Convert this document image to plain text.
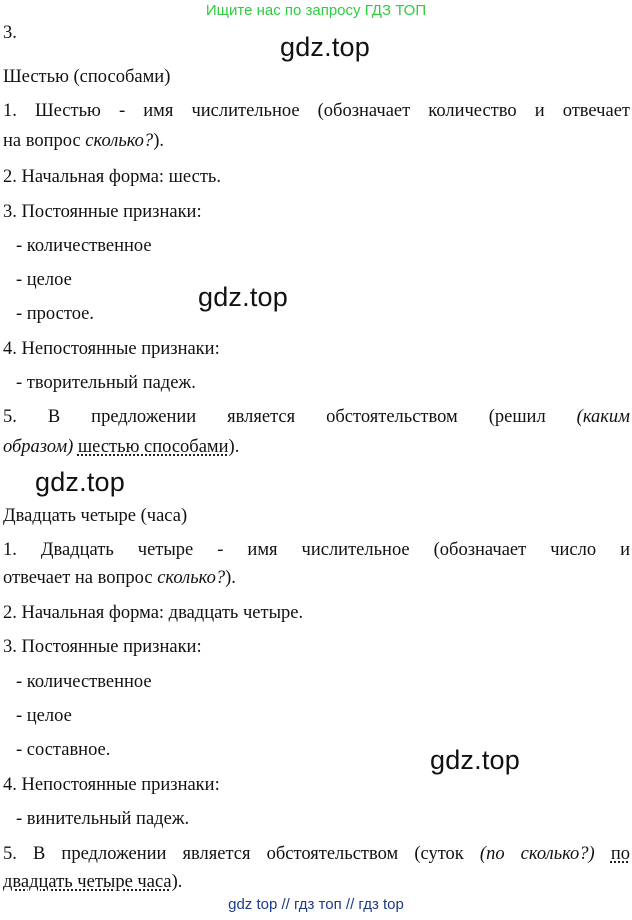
Ищите нас по запросу ГДЗ ТОП
3.	gdz.top
Шестью (способами)
1. Шестью - имя числительное (обозначает количество и отвечает
на вопрос сколько?).
2. Начальная форма: шесть.
3. Постоянные признаки:
- количественное
- целое
gdz.top
- простое.
4. Непостоянные признаки:
- творительный падеж.
5. В предложении является обстоятельством (решил (каким
образом) шестью способами).
gdz.top
Двадцать четыре (часа)
1. Двадцать четыре - имя числительное (обозначает число и
отвечает на вопрос сколько?).
2. Начальная форма: двадцать четыре.
3. Постоянные признаки:
- количественное
- целое
- составное.	gdz.top
4. Непостоянные признаки:
- винительный падеж.
5. В предложении является обстоятельством (суток (по сколько?) по
двадцать четыре часа).
gdz top // гдз топ // гдз top
